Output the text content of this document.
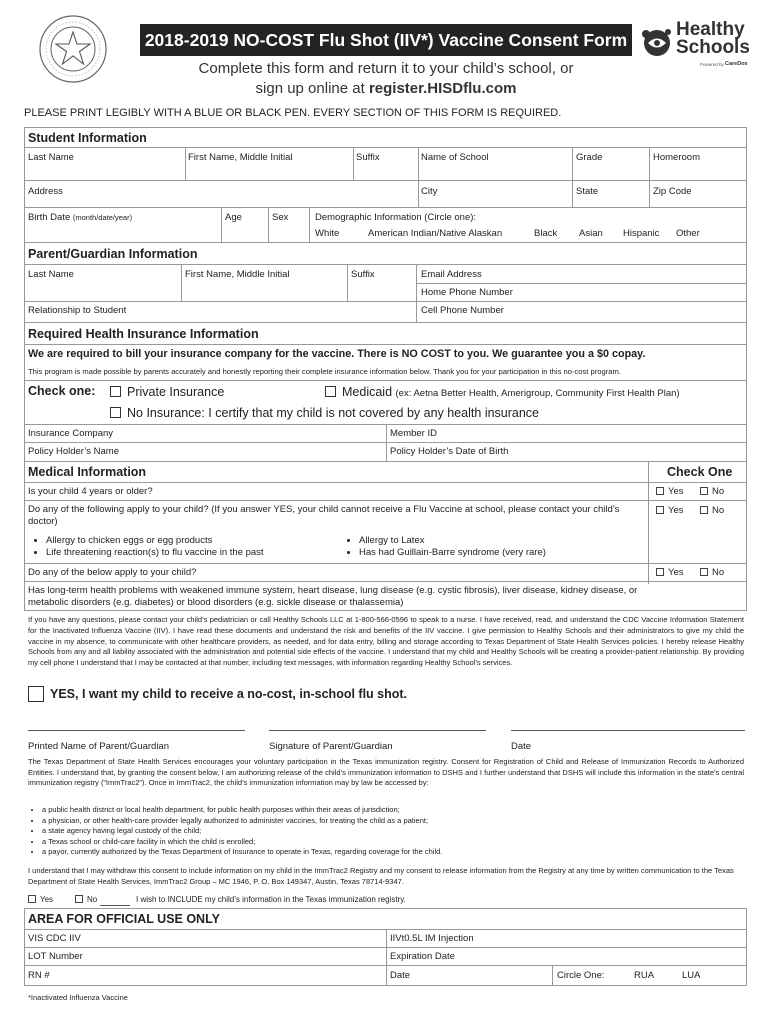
2018-2019 NO-COST Flu Shot (IIV*) Vaccine Consent Form	Healthy
Schools
Powered by CareDox
Complete this form and return it to your child’s school, or
sign up online at register.HISDflu.com
PLEASE PRINT LEGIBLY WITH A BLUE OR BLACK PEN. EVERY SECTION OF THIS FORM IS REQUIRED.
Student Information
Last Name	First Name, Middle Initial	Suffix	Name of School	Grade	Homeroom
Address	City	State	Zip Code
Birth Date (month/date/year)	Age	Sex	Demographic Information (Circle one):
White	American Indian/Native Alaskan	Black Asian Hispanic Other
Parent/Guardian Information
Last Name	First Name, Middle Initial	Suffix	Email Address
Home Phone Number
Relationship to Student	Cell Phone Number
Required Health Insurance Information
We are required to bill your insurance company for the vaccine. There is NO COST to you. We guarantee you a $0 copay.
This program is made possible by parents accurately and honestly reporting their complete insurance information below. Thank you for your participation in this no-cost program.
Check one:	Private Insurance	Medicaid (ex: Aetna Better Health, Amerigroup, Community First Health Plan)
No Insurance: I certify that my child is not covered by any health insurance
Insurance Company	Member ID
Policy Holder’s Name	Policy Holder’s Date of Birth
Medical Information	Check One
Is your child 4 years or older?	Yes	No
Do any of the following apply to your child? (If you answer YES, your child cannot receive a Flu Vaccine at school, please contact your child’s doctor)
Yes	No
• Allergy to chicken eggs or egg products
• Life threatening reaction(s) to flu vaccine in the past
• Allergy to Latex
• Has had Guillain-Barre syndrome (very rare)
Do any of the below apply to your child?	Yes	No
Has long-term health problems with weakened immune system, heart disease, lung disease (e.g. cystic fibrosis), liver disease, kidney disease, or metabolic disorders (e.g. diabetes) or blood disorders (e.g. sickle disease or thalassemia)
If you have any questions, please contact your child’s pediatrician or call Healthy Schools LLC at 1-800-566-0596 to speak to a nurse. I have received, read, and understand the CDC Vaccine Information Statement for the Inactivated Influenza Vaccine (IIV). I have read these documents and understand the risk and benefits of the IIV vaccine. I give permission to Healthy Schools and their administrators to give my child the vaccine in my absence, to communicate with other healthcare providers, as needed, and for data entry, billing and storage according to Texas Department of State Health Services policies. I hereby release Healthy Schools from any and all liability associated with the administration and potential side effects of the vaccine. I understand that my child and Healthy Schools will be creating a provider-patient relationship. By providing my cell phone I understand that I may be contacted at that number, including text messages, with information regarding Healthy School’s services.
YES, I want my child to receive a no-cost, in-school flu shot.
Printed Name of Parent/Guardian	Signature of Parent/Guardian	Date
The Texas Department of State Health Services encourages your voluntary participation in the Texas immunization registry. Consent for Registration of Child and Release of Immunization Records to Authorized Entities. I understand that, by granting the consent below, I am authorizing release of the child’s immunization information to DSHS and I further understand that DSHS will include this information in the state’s central immunization registry (“ImmTrac2”). Once in ImmTrac2, the child’s immunization information may by law be accessed by:
• a public health district or local health department, for public health purposes within their areas of jurisdiction;
• a physician, or other health-care provider legally authorized to administer vaccines, for treating the child as a patient;
• a state agency having legal custody of the child;
• a Texas school or child-care facility in which the child is enrolled;
• a payor, currently authorized by the Texas Department of Insurance to operate in Texas, regarding coverage for the child.
I understand that I may withdraw this consent to include information on my child in the ImmTrac2 Registry and my consent to release information from the Registry at any time by written communication to the Texas Department of State Health Services, ImmTrac2 Group – MC 1946, P. O. Box 149347, Austin, Texas 78714-9347.
Yes	No	I wish to INCLUDE my child’s information in the Texas immunization registry.
AREA FOR OFFICIAL USE ONLY
VIS CDC IIV	IIVt0.5L IM Injection
LOT Number	Expiration Date
RN #	Date	Circle One:	RUA	LUA
*Inactivated Influenza Vaccine
